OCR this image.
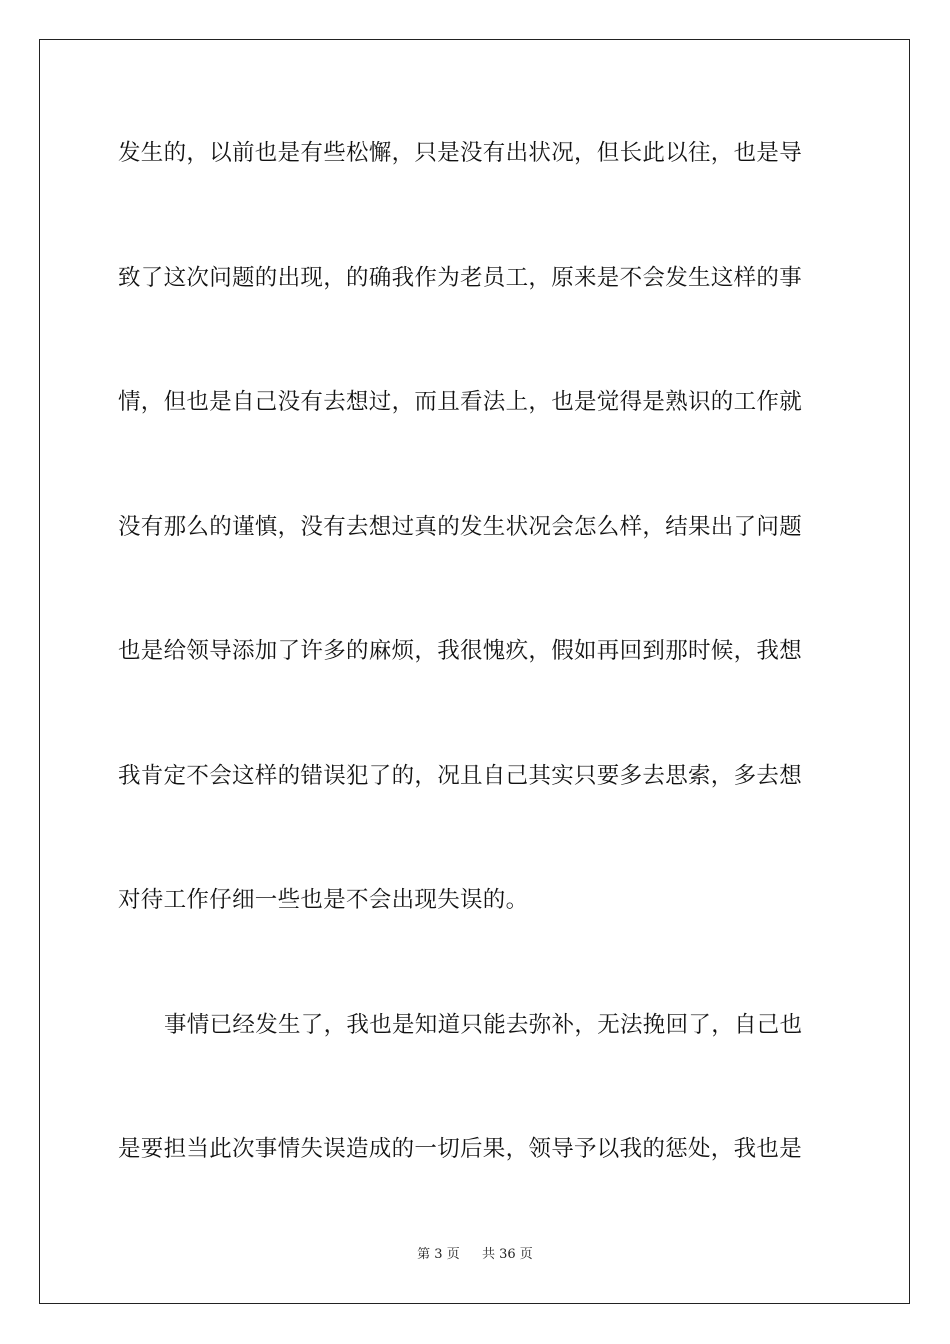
发生的，以前也是有些松懈，只是没有出状况，但长此以往，也是导
致了这次问题的出现，的确我作为老员工，原来是不会发生这样的事
情，但也是自己没有去想过，而且看法上，也是觉得是熟识的工作就
没有那么的谨慎，没有去想过真的发生状况会怎么样，结果出了问题
也是给领导添加了许多的麻烦，我很愧疚，假如再回到那时候，我想
我肯定不会这样的错误犯了的，况且自己其实只要多去思索，多去想
对待工作仔细一些也是不会出现失误的。
事情已经发生了，我也是知道只能去弥补，无法挽回了，自己也
是要担当此次事情失误造成的一切后果，领导予以我的惩处，我也是
第 3 页 共 36 页
